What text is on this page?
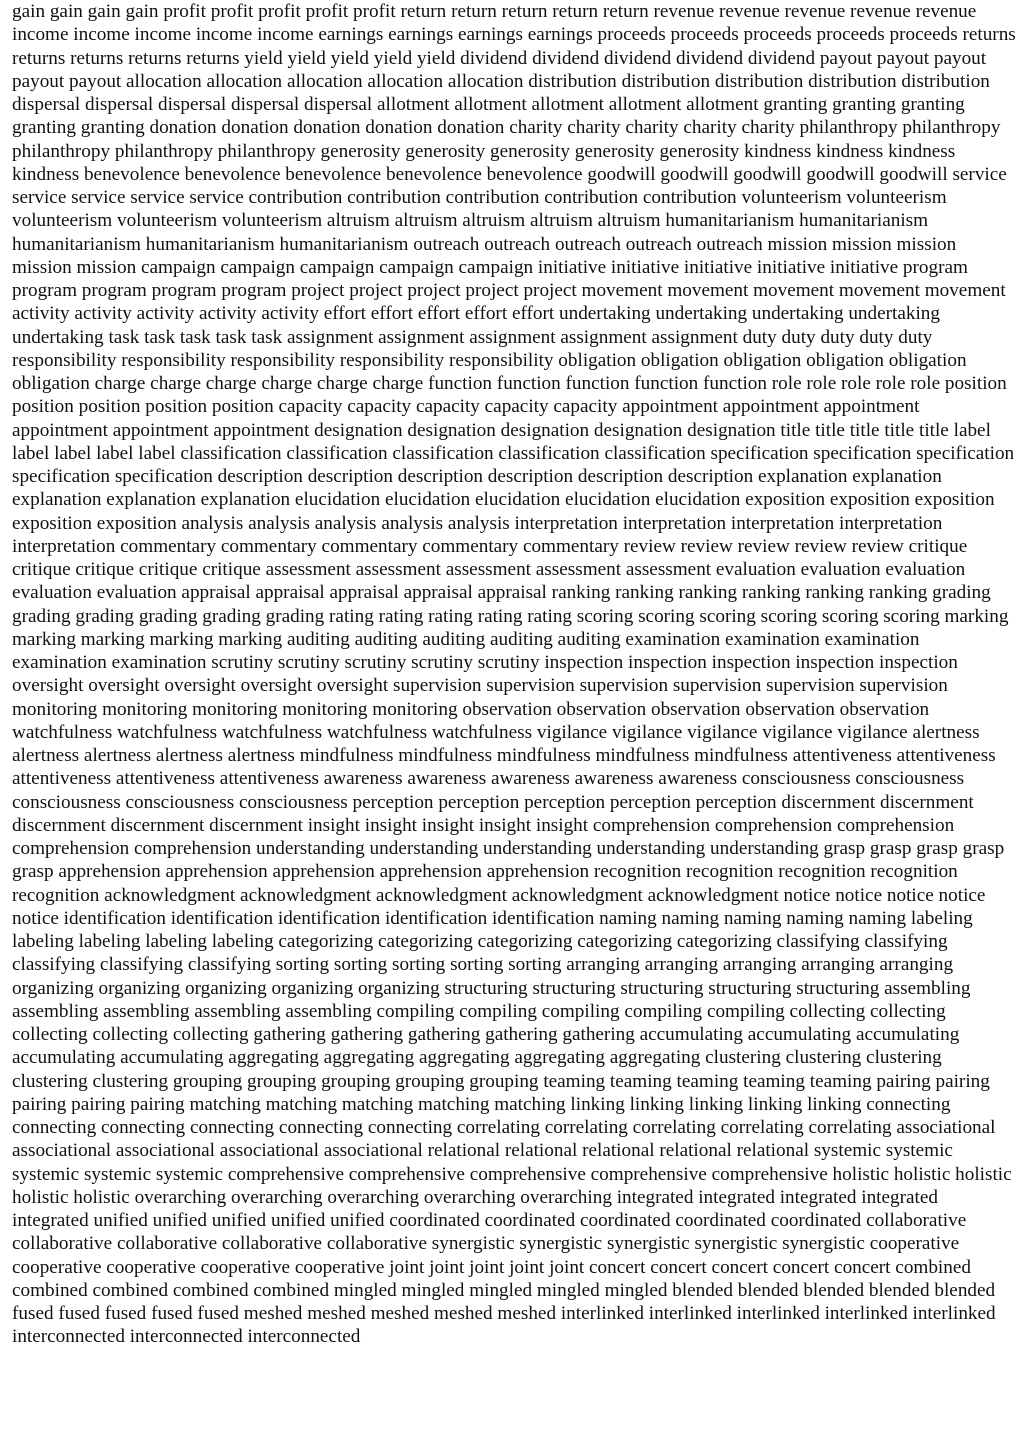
gain gain gain gain profit profit profit profit profit return return return return return revenue revenue revenue revenue revenue income income income income income earnings earnings earnings earnings proceeds proceeds proceeds proceeds proceeds returns returns returns returns returns yield yield yield yield yield dividend dividend dividend dividend dividend payout payout payout payout payout allocation allocation allocation allocation allocation distribution distribution distribution distribution distribution dispersal dispersal dispersal dispersal dispersal allotment allotment allotment allotment allotment granting granting granting granting granting donation donation donation donation donation charity charity charity charity charity philanthropy philanthropy philanthropy philanthropy philanthropy generosity generosity generosity generosity generosity kindness kindness kindness kindness benevolence benevolence benevolence benevolence benevolence goodwill goodwill goodwill goodwill goodwill service service service service service contribution contribution contribution contribution contribution volunteerism volunteerism volunteerism volunteerism volunteerism altruism altruism altruism altruism altruism humanitarianism humanitarianism humanitarianism humanitarianism humanitarianism outreach outreach outreach outreach outreach mission mission mission mission mission campaign campaign campaign campaign campaign initiative initiative initiative initiative initiative program program program program program project project project project project movement movement movement movement movement activity activity activity activity activity effort effort effort effort effort undertaking undertaking undertaking undertaking undertaking task task task task task assignment assignment assignment assignment assignment duty duty duty duty duty responsibility responsibility responsibility responsibility responsibility obligation obligation obligation obligation obligation obligation charge charge charge charge charge charge function function function function function role role role role role position position position position position capacity capacity capacity capacity capacity appointment appointment appointment appointment appointment appointment designation designation designation designation designation title title title title title label label label label label classification classification classification classification classification specification specification specification specification specification description description description description description description explanation explanation explanation explanation explanation elucidation elucidation elucidation elucidation elucidation exposition exposition exposition exposition exposition analysis analysis analysis analysis analysis interpretation interpretation interpretation interpretation interpretation commentary commentary commentary commentary commentary review review review review review critique critique critique critique critique assessment assessment assessment assessment assessment evaluation evaluation evaluation evaluation evaluation appraisal appraisal appraisal appraisal appraisal ranking ranking ranking ranking ranking ranking grading grading grading grading grading grading rating rating rating rating rating scoring scoring scoring scoring scoring scoring marking marking marking marking marking auditing auditing auditing auditing auditing examination examination examination examination examination scrutiny scrutiny scrutiny scrutiny scrutiny inspection inspection inspection inspection inspection oversight oversight oversight oversight oversight supervision supervision supervision supervision supervision supervision monitoring monitoring monitoring monitoring monitoring observation observation observation observation observation watchfulness watchfulness watchfulness watchfulness watchfulness vigilance vigilance vigilance vigilance vigilance alertness alertness alertness alertness alertness mindfulness mindfulness mindfulness mindfulness mindfulness attentiveness attentiveness attentiveness attentiveness attentiveness awareness awareness awareness awareness awareness consciousness consciousness consciousness consciousness consciousness perception perception perception perception perception discernment discernment discernment discernment discernment insight insight insight insight insight comprehension comprehension comprehension comprehension comprehension understanding understanding understanding understanding understanding grasp grasp grasp grasp grasp apprehension apprehension apprehension apprehension apprehension recognition recognition recognition recognition recognition acknowledgment acknowledgment acknowledgment acknowledgment acknowledgment notice notice notice notice notice identification identification identification identification identification naming naming naming naming naming labeling labeling labeling labeling labeling categorizing categorizing categorizing categorizing categorizing classifying classifying classifying classifying classifying sorting sorting sorting sorting sorting arranging arranging arranging arranging arranging organizing organizing organizing organizing organizing structuring structuring structuring structuring structuring assembling assembling assembling assembling assembling compiling compiling compiling compiling compiling collecting collecting collecting collecting collecting gathering gathering gathering gathering gathering accumulating accumulating accumulating accumulating accumulating aggregating aggregating aggregating aggregating aggregating clustering clustering clustering clustering clustering grouping grouping grouping grouping grouping teaming teaming teaming teaming teaming pairing pairing pairing pairing pairing matching matching matching matching matching linking linking linking linking linking connecting connecting connecting connecting connecting connecting correlating correlating correlating correlating correlating associational associational associational associational associational relational relational relational relational relational systemic systemic systemic systemic systemic comprehensive comprehensive comprehensive comprehensive comprehensive holistic holistic holistic holistic holistic overarching overarching overarching overarching overarching integrated integrated integrated integrated integrated unified unified unified unified unified coordinated coordinated coordinated coordinated coordinated collaborative collaborative collaborative collaborative collaborative synergistic synergistic synergistic synergistic synergistic cooperative cooperative cooperative cooperative cooperative joint joint joint joint joint concert concert concert concert concert combined combined combined combined combined mingled mingled mingled mingled mingled blended blended blended blended blended fused fused fused fused fused meshed meshed meshed meshed meshed interlinked interlinked interlinked interlinked interlinked interconnected interconnected interconnected
